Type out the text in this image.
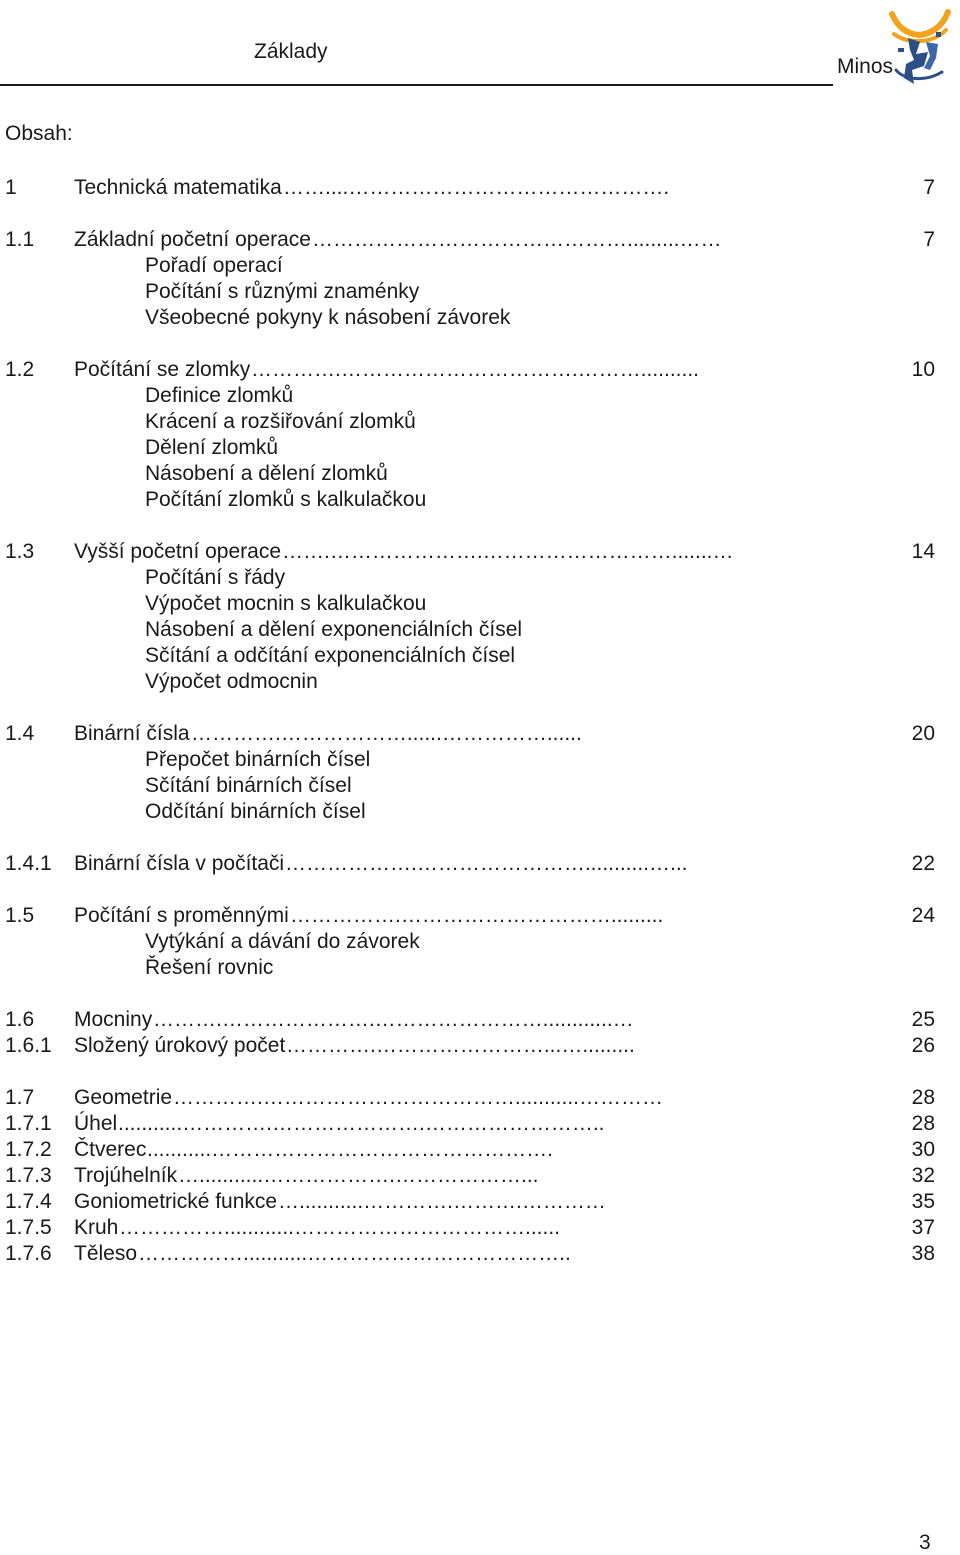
Základy
Minos
Obsah:
1	Technická matematika ……....……………………………………….	7
1.1 Základní početní operace ……………………………………….........……	7
Pořadí operací
Počítání s různými znaménky
Všeobecné pokyny k násobení závorek
1.2 Počítání se zlomky ………….…………………………….………..........	10
Definice zlomků
Krácení a rozšiřování zlomků
Dělení zlomků
Násobení a dělení zlomků
Počítání zlomků s kalkulačkou
1.3 Vyšší početní operace …….………………….……………………….......…	14
Počítání s řády
Výpočet mocnin s kalkulačkou
Násobení a dělení exponenciálních čísel
Sčítání a odčítání exponenciálních čísel
Výpočet odmocnin
1.4 Binární čísla ………….………………......……………......	20
Přepočet binárních čísel
Sčítání binárních čísel
Odčítání binárních čísel
1.4.1 Binární čísla v počítači ……………….……………………...........…...	22
1.5 Počítání s proměnnými …………….………………………….........	24
Vytýkání a dávání do závorek
Řešení rovnic
1.6 Mocniny ……….………………….……………………............…	25
1.6.1 Složený úrokový počet ………….……………………...….........	26
1.7 Geometrie ………….………………………………...........…………	28
1.7.1 Úhel ...........………….………………….……………………..	28
1.7.2 Čtverec ...........………………………………………….	30
1.7.3 Trojúhelník …...........……………….………………...	32
1.7.4 Goniometrické funkce …...........………….……….…………	35
1.7.5 Kruh ……………............……………………………......	37
1.7.6 Těleso ……………...........………………………………..	38
3
